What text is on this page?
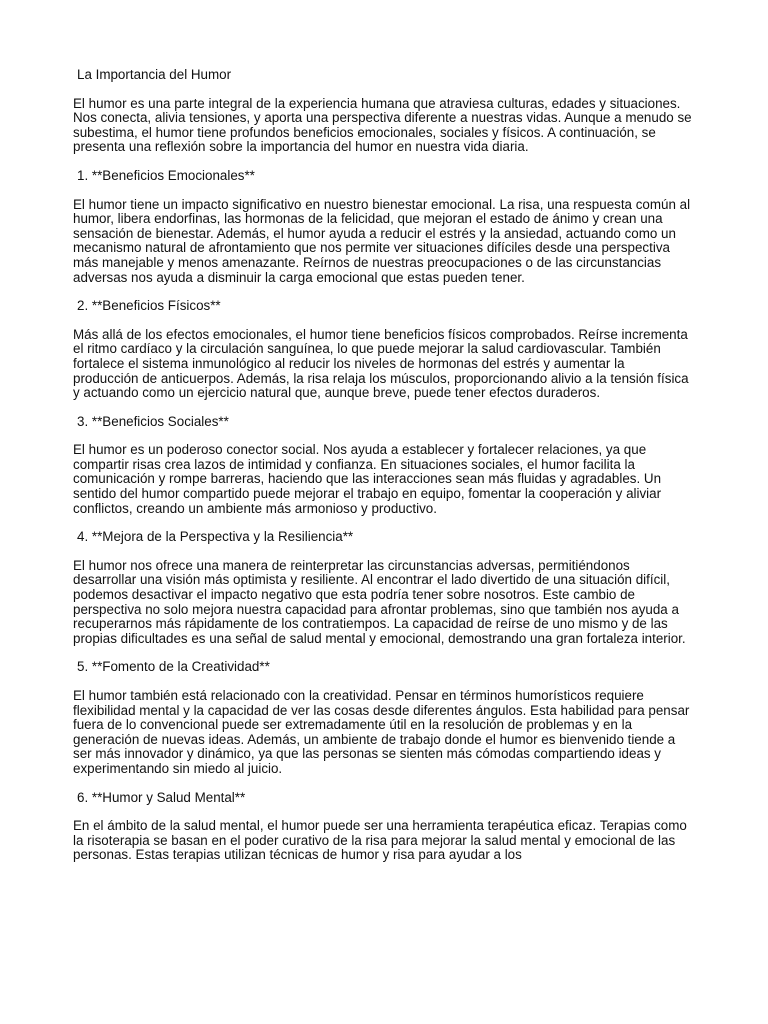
La Importancia del Humor

El humor es una parte integral de la experiencia humana que atraviesa culturas, edades y situaciones. Nos conecta, alivia tensiones, y aporta una perspectiva diferente a nuestras vidas. Aunque a menudo se subestima, el humor tiene profundos beneficios emocionales, sociales y físicos. A continuación, se presenta una reflexión sobre la importancia del humor en nuestra vida diaria.

1. **Beneficios Emocionales**

El humor tiene un impacto significativo en nuestro bienestar emocional. La risa, una respuesta común al humor, libera endorfinas, las hormonas de la felicidad, que mejoran el estado de ánimo y crean una sensación de bienestar. Además, el humor ayuda a reducir el estrés y la ansiedad, actuando como un mecanismo natural de afrontamiento que nos permite ver situaciones difíciles desde una perspectiva más manejable y menos amenazante. Reírnos de nuestras preocupaciones o de las circunstancias adversas nos ayuda a disminuir la carga emocional que estas pueden tener.

2. **Beneficios Físicos**

Más allá de los efectos emocionales, el humor tiene beneficios físicos comprobados. Reírse incrementa el ritmo cardíaco y la circulación sanguínea, lo que puede mejorar la salud cardiovascular. También fortalece el sistema inmunológico al reducir los niveles de hormonas del estrés y aumentar la producción de anticuerpos. Además, la risa relaja los músculos, proporcionando alivio a la tensión física y actuando como un ejercicio natural que, aunque breve, puede tener efectos duraderos.

3. **Beneficios Sociales**

El humor es un poderoso conector social. Nos ayuda a establecer y fortalecer relaciones, ya que compartir risas crea lazos de intimidad y confianza. En situaciones sociales, el humor facilita la comunicación y rompe barreras, haciendo que las interacciones sean más fluidas y agradables. Un sentido del humor compartido puede mejorar el trabajo en equipo, fomentar la cooperación y aliviar conflictos, creando un ambiente más armonioso y productivo.

4. **Mejora de la Perspectiva y la Resiliencia**

El humor nos ofrece una manera de reinterpretar las circunstancias adversas, permitiéndonos desarrollar una visión más optimista y resiliente. Al encontrar el lado divertido de una situación difícil, podemos desactivar el impacto negativo que esta podría tener sobre nosotros. Este cambio de perspectiva no solo mejora nuestra capacidad para afrontar problemas, sino que también nos ayuda a recuperarnos más rápidamente de los contratiempos. La capacidad de reírse de uno mismo y de las propias dificultades es una señal de salud mental y emocional, demostrando una gran fortaleza interior.

5. **Fomento de la Creatividad**

El humor también está relacionado con la creatividad. Pensar en términos humorísticos requiere flexibilidad mental y la capacidad de ver las cosas desde diferentes ángulos. Esta habilidad para pensar fuera de lo convencional puede ser extremadamente útil en la resolución de problemas y en la generación de nuevas ideas. Además, un ambiente de trabajo donde el humor es bienvenido tiende a ser más innovador y dinámico, ya que las personas se sienten más cómodas compartiendo ideas y experimentando sin miedo al juicio.

6. **Humor y Salud Mental**

En el ámbito de la salud mental, el humor puede ser una herramienta terapéutica eficaz. Terapias como la risoterapia se basan en el poder curativo de la risa para mejorar la salud mental y emocional de las personas. Estas terapias utilizan técnicas de humor y risa para ayudar a los
